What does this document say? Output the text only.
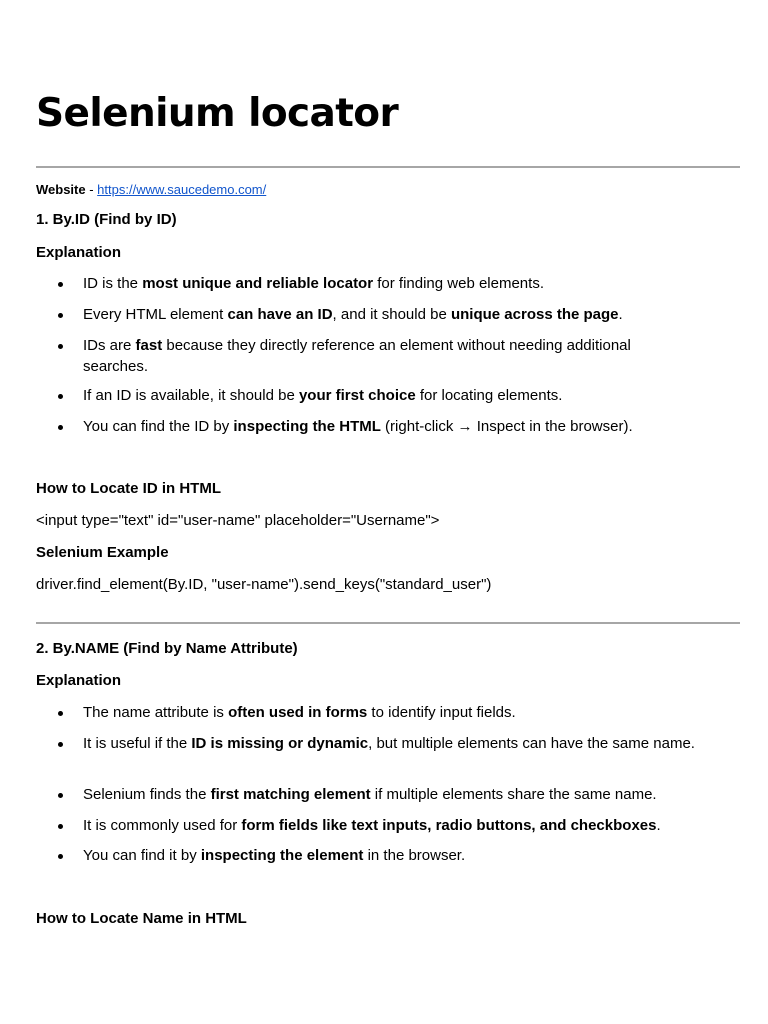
Selenium locator
Website - https://www.saucedemo.com/
1. By.ID (Find by ID)
Explanation
ID is the most unique and reliable locator for finding web elements.
Every HTML element can have an ID, and it should be unique across the page.
IDs are fast because they directly reference an element without needing additional searches.
If an ID is available, it should be your first choice for locating elements.
You can find the ID by inspecting the HTML (right-click → Inspect in the browser).
How to Locate ID in HTML

<input type="text" id="user-name" placeholder="Username">

Selenium Example

driver.find_element(By.ID, "user-name").send_keys("standard_user")

2. By.NAME (Find by Name Attribute)
Explanation
The name attribute is often used in forms to identify input fields.
It is useful if the ID is missing or dynamic, but multiple elements can have the same name.
Selenium finds the first matching element if multiple elements share the same name.
It is commonly used for form fields like text inputs, radio buttons, and checkboxes.
You can find it by inspecting the element in the browser.
How to Locate Name in HTML
